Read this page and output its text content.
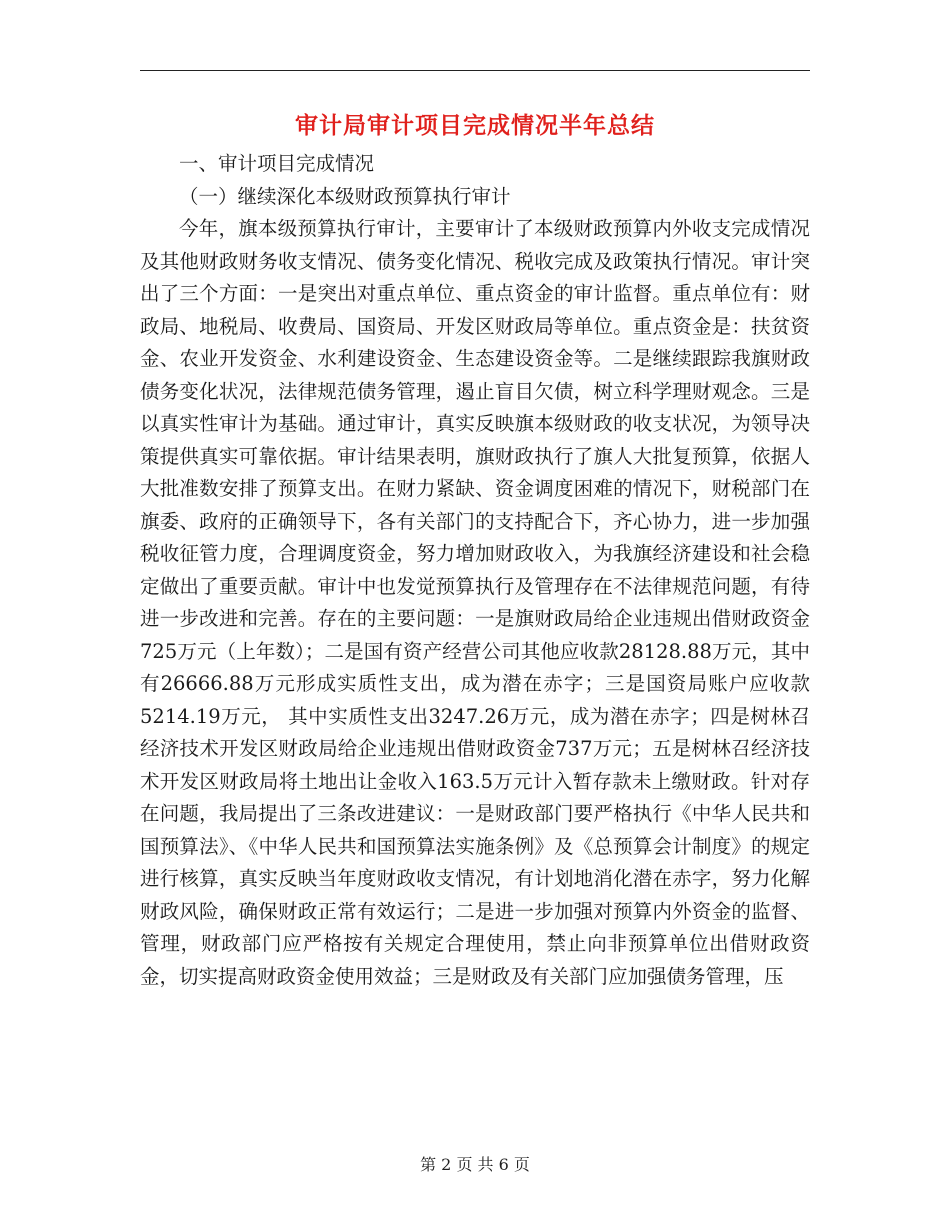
审计局审计项目完成情况半年总结

一、审计项目完成情况

（一）继续深化本级财政预算执行审计

今年，旗本级预算执行审计，主要审计了本级财政预算内外收支完成情况及其他财政财务收支情况、债务变化情况、税收完成及政策执行情况。审计突出了三个方面：一是突出对重点单位、重点资金的审计监督。重点单位有：财政局、地税局、收费局、国资局、开发区财政局等单位。重点资金是：扶贫资金、农业开发资金、水利建设资金、生态建设资金等。二是继续跟踪我旗财政债务变化状况，法律规范债务管理，遏止盲目欠债，树立科学理财观念。三是以真实性审计为基础。通过审计，真实反映旗本级财政的收支状况，为领导决策提供真实可靠依据。审计结果表明，旗财政执行了旗人大批复预算，依据人大批准数安排了预算支出。在财力紧缺、资金调度困难的情况下，财税部门在旗委、政府的正确领导下，各有关部门的支持配合下，齐心协力，进一步加强税收征管力度，合理调度资金，努力增加财政收入，为我旗经济建设和社会稳定做出了重要贡献。审计中也发觉预算执行及管理存在不法律规范问题，有待进一步改进和完善。存在的主要问题：一是旗财政局给企业违规出借财政资金725万元（上年数）；二是国有资产经营公司其他应收款28128.88万元，其中有26666.88万元形成实质性支出，成为潜在赤字；三是国资局账户应收款5214.19万元， 其中实质性支出3247.26万元，成为潜在赤字；四是树林召经济技术开发区财政局给企业违规出借财政资金737万元；五是树林召经济技术开发区财政局将土地出让金收入163.5万元计入暂存款未上缴财政。针对存在问题，我局提出了三条改进建议：一是财政部门要严格执行《中华人民共和国预算法》、《中华人民共和国预算法实施条例》及《总预算会计制度》的规定进行核算，真实反映当年度财政收支情况，有计划地消化潜在赤字，努力化解财政风险，确保财政正常有效运行；二是进一步加强对预算内外资金的监督、管理，财政部门应严格按有关规定合理使用，禁止向非预算单位出借财政资金，切实提高财政资金使用效益；三是财政及有关部门应加强债务管理，压

第 2 页 共 6 页
